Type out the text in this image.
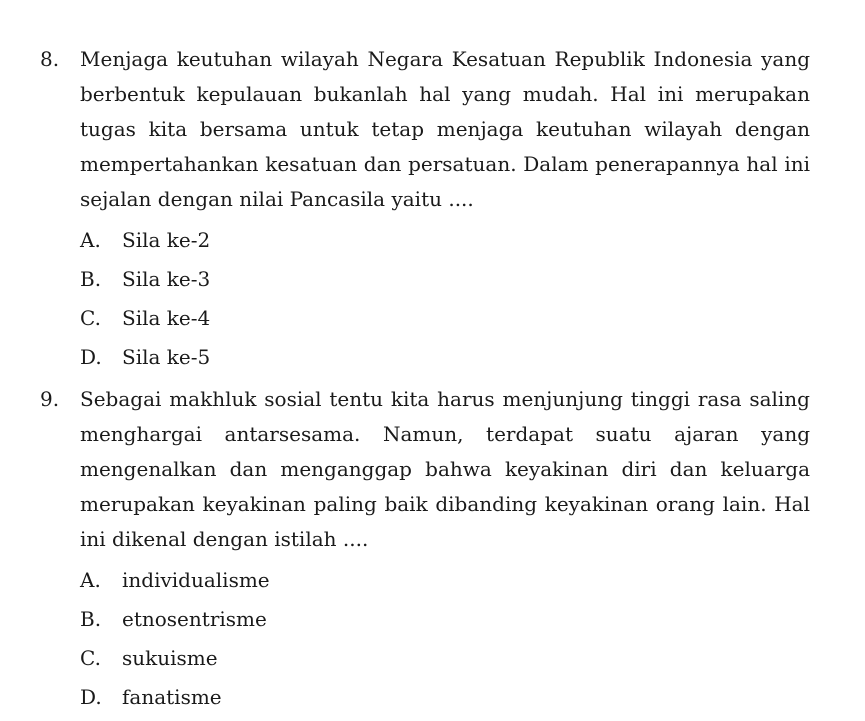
8.	Menjaga keutuhan wilayah Negara Kesatuan Republik Indonesia yang berbentuk kepulauan bukanlah hal yang mudah. Hal ini merupakan tugas kita bersama untuk tetap menjaga keutuhan wilayah dengan mempertahankan kesatuan dan persatuan. Dalam penerapannya hal ini sejalan dengan nilai Pancasila yaitu ....
A.	Sila ke-2
B.	Sila ke-3
C.	Sila ke-4
D.	Sila ke-5
9.	Sebagai makhluk sosial tentu kita harus menjunjung tinggi rasa saling menghargai antarsesama. Namun, terdapat suatu ajaran yang mengenalkan dan menganggap bahwa keyakinan diri dan keluarga merupakan keyakinan paling baik dibanding keyakinan orang lain. Hal ini dikenal dengan istilah ....
A.	individualisme
B.	etnosentrisme
C.	sukuisme
D.	fanatisme
